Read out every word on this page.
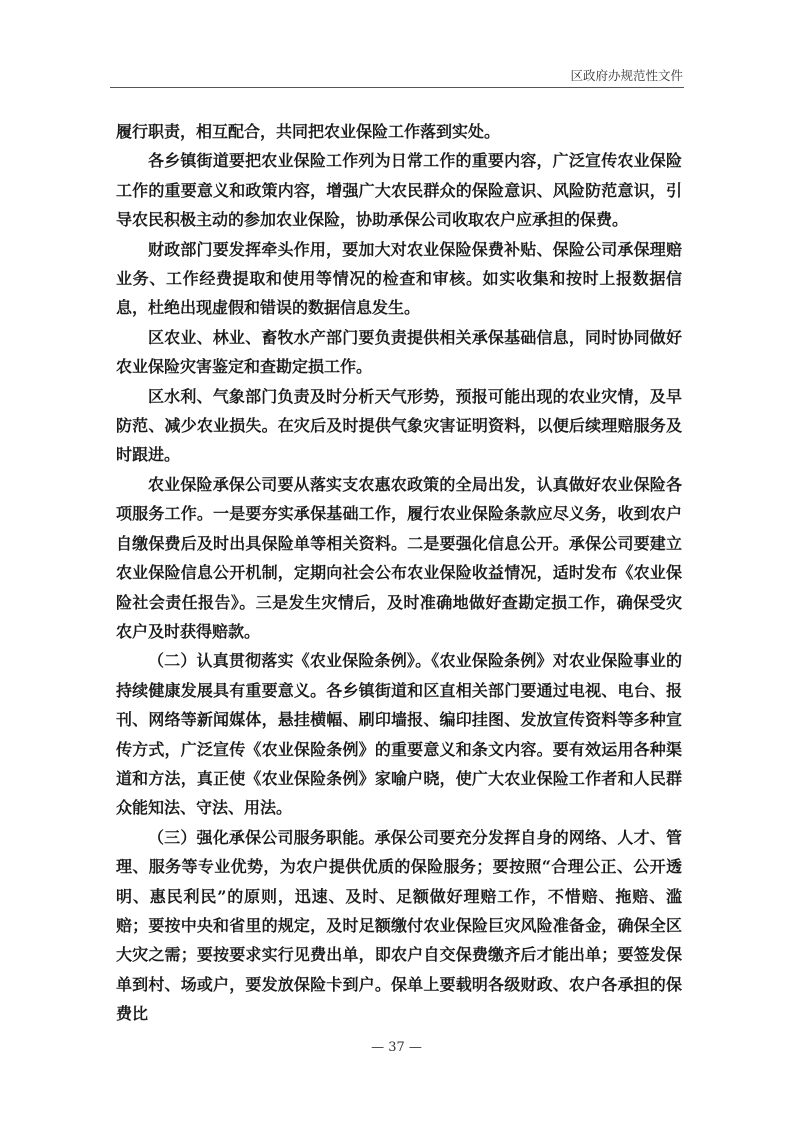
区政府办规范性文件

履行职责，相互配合，共同把农业保险工作落到实处。

各乡镇街道要把农业保险工作列为日常工作的重要内容，广泛宣传农业保险工作的重要意义和政策内容，增强广大农民群众的保险意识、风险防范意识，引导农民积极主动的参加农业保险，协助承保公司收取农户应承担的保费。

财政部门要发挥牵头作用，要加大对农业保险保费补贴、保险公司承保理赔业务、工作经费提取和使用等情况的检查和审核。如实收集和按时上报数据信息，杜绝出现虚假和错误的数据信息发生。

区农业、林业、畜牧水产部门要负责提供相关承保基础信息，同时协同做好农业保险灾害鉴定和查勘定损工作。

区水利、气象部门负责及时分析天气形势，预报可能出现的农业灾情，及早防范、减少农业损失。在灾后及时提供气象灾害证明资料，以便后续理赔服务及时跟进。

农业保险承保公司要从落实支农惠农政策的全局出发，认真做好农业保险各项服务工作。一是要夯实承保基础工作，履行农业保险条款应尽义务，收到农户自缴保费后及时出具保险单等相关资料。二是要强化信息公开。承保公司要建立农业保险信息公开机制，定期向社会公布农业保险收益情况，适时发布《农业保险社会责任报告》。三是发生灾情后，及时准确地做好查勘定损工作，确保受灾农户及时获得赔款。

（二）认真贯彻落实《农业保险条例》。《农业保险条例》对农业保险事业的持续健康发展具有重要意义。各乡镇街道和区直相关部门要通过电视、电台、报刊、网络等新闻媒体，悬挂横幅、刷印墙报、编印挂图、发放宣传资料等多种宣传方式，广泛宣传《农业保险条例》的重要意义和条文内容。要有效运用各种渠道和方法，真正使《农业保险条例》家喻户晓，使广大农业保险工作者和人民群众能知法、守法、用法。

（三）强化承保公司服务职能。承保公司要充分发挥自身的网络、人才、管理、服务等专业优势，为农户提供优质的保险服务；要按照“合理公正、公开透明、惠民利民”的原则，迅速、及时、足额做好理赔工作，不惜赔、拖赔、滥赔；要按中央和省里的规定，及时足额缴付农业保险巨灾风险准备金，确保全区大灾之需；要按要求实行见费出单，即农户自交保费缴齐后才能出单；要签发保单到村、场或户，要发放保险卡到户。保单上要载明各级财政、农户各承担的保费比

— 37 —
